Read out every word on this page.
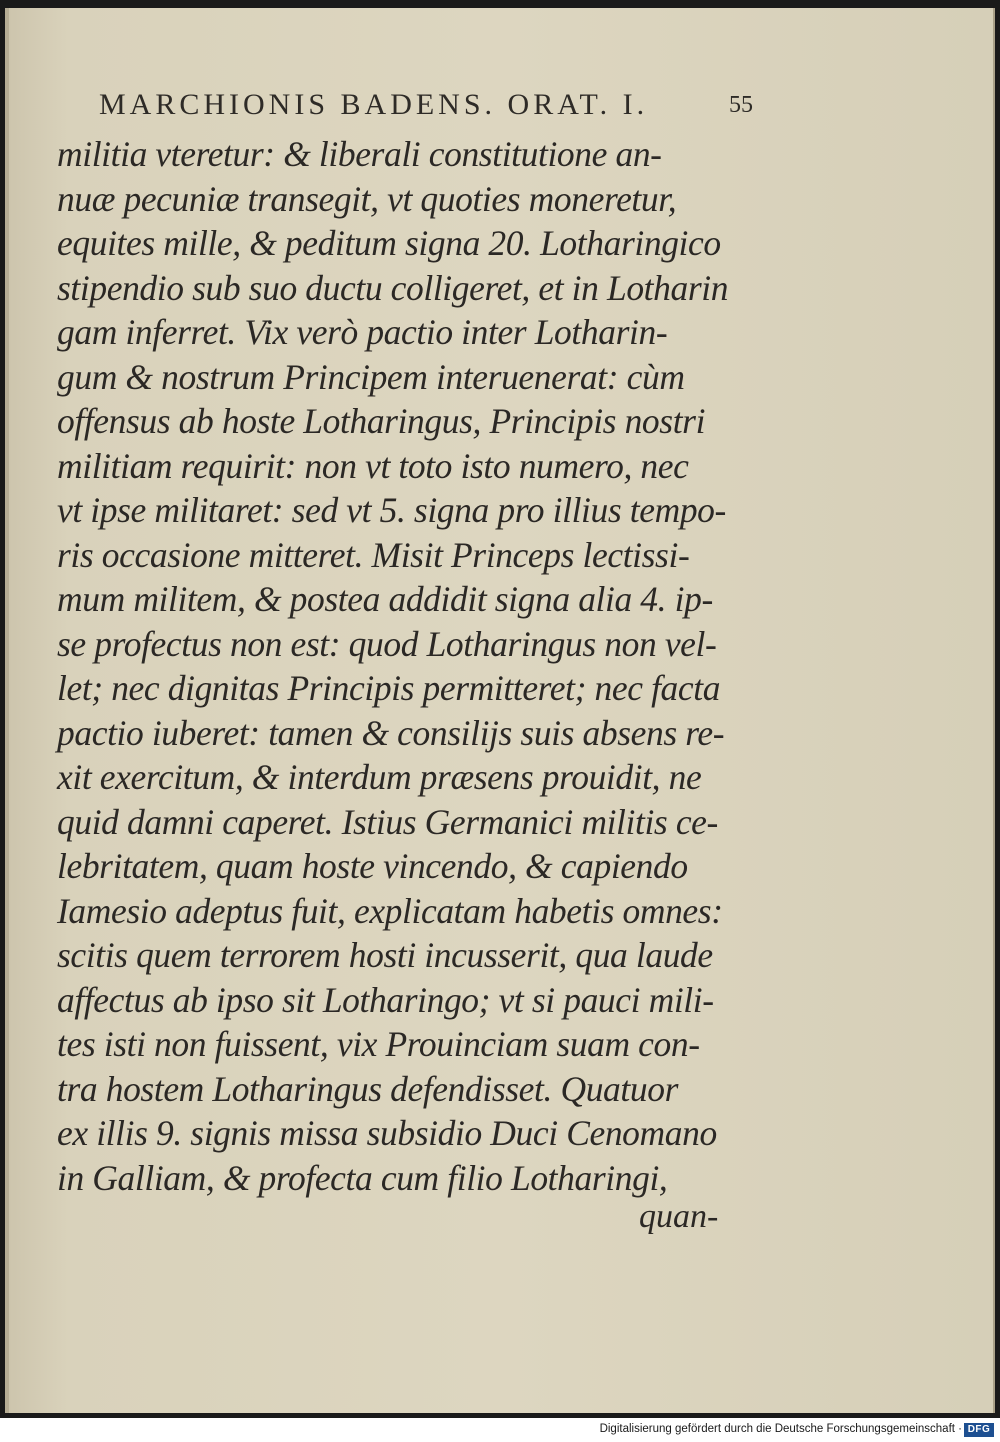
MARCHIONIS BADENS. ORAT. I.	55
militia vteretur: & liberali constitutione an-
nuæ pecuniæ transegit, vt quoties moneretur,
equites mille, & peditum signa 20. Lotharingico
stipendio sub suo ductu colligeret, et in Lotharin
gam inferret. Vix verò pactio inter Lotharin-
gum & nostrum Principem interuenerat: cùm
offensus ab hoste Lotharingus, Principis nostri
militiam requirit: non vt toto isto numero, nec
vt ipse militaret: sed vt 5. signa pro illius tempo-
ris occasione mitteret. Misit Princeps lectissi-
mum militem, & postea addidit signa alia 4. ip-
se profectus non est: quod Lotharingus non vel-
let; nec dignitas Principis permitteret; nec facta
pactio iuberet: tamen & consilijs suis absens re-
xit exercitum, & interdum præsens prouidit, ne
quid damni caperet. Istius Germanici militis ce-
lebritatem, quam hoste vincendo, & capiendo
Iamesio adeptus fuit, explicatam habetis omnes:
scitis quem terrorem hosti incusserit, qua laude
affectus ab ipso sit Lotharingo; vt si pauci mili-
tes isti non fuissent, vix Prouinciam suam con-
tra hostem Lotharingus defendisset. Quatuor
ex illis 9. signis missa subsidio Duci Cenomano
in Galliam, & profecta cum filio Lotharingi,
quan-
Digitalisierung gefördert durch die Deutsche Forschungsgemeinschaft · DFG
